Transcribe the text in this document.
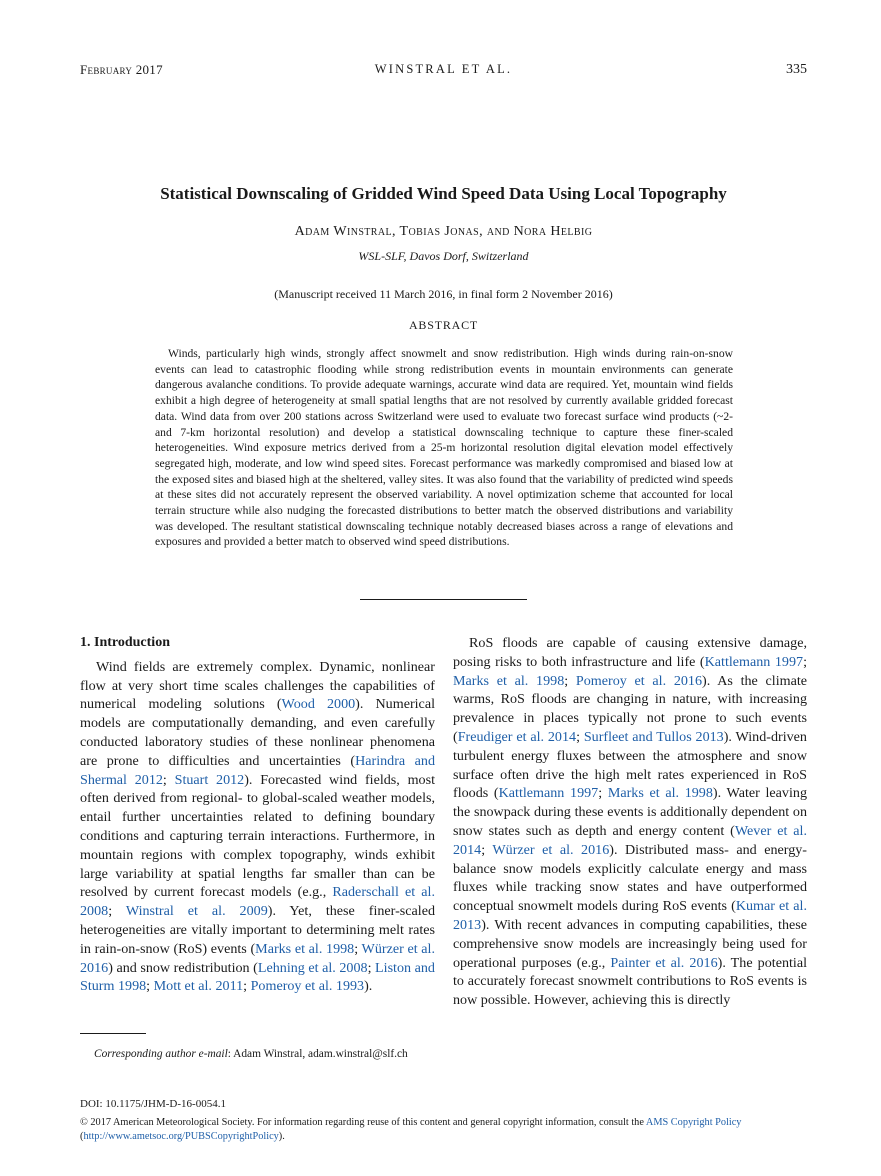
February 2017	WINSTRAL ET AL.	335
Statistical Downscaling of Gridded Wind Speed Data Using Local Topography
Adam Winstral, Tobias Jonas, and Nora Helbig
WSL-SLF, Davos Dorf, Switzerland
(Manuscript received 11 March 2016, in final form 2 November 2016)
ABSTRACT

Winds, particularly high winds, strongly affect snowmelt and snow redistribution. High winds during rain-on-snow events can lead to catastrophic flooding while strong redistribution events in mountain environments can generate dangerous avalanche conditions. To provide adequate warnings, accurate wind data are required. Yet, mountain wind fields exhibit a high degree of heterogeneity at small spatial lengths that are not resolved by currently available gridded forecast data. Wind data from over 200 stations across Switzerland were used to evaluate two forecast surface wind products (~2- and 7-km horizontal resolution) and develop a statistical downscaling technique to capture these finer-scaled heterogeneities. Wind exposure metrics derived from a 25-m horizontal resolution digital elevation model effectively segregated high, moderate, and low wind speed sites. Forecast performance was markedly compromised and biased low at the exposed sites and biased high at the sheltered, valley sites. It was also found that the variability of predicted wind speeds at these sites did not accurately represent the observed variability. A novel optimization scheme that accounted for local terrain structure while also nudging the forecasted distributions to better match the observed distributions and variability was developed. The resultant statistical downscaling technique notably decreased biases across a range of elevations and exposures and provided a better match to observed wind speed distributions.

1. Introduction

Wind fields are extremely complex. Dynamic, nonlinear flow at very short time scales challenges the capabilities of numerical modeling solutions (Wood 2000). Numerical models are computationally demanding, and even carefully conducted laboratory studies of these nonlinear phenomena are prone to difficulties and uncertainties (Harindra and Shermal 2012; Stuart 2012). Forecasted wind fields, most often derived from regional- to global-scaled weather models, entail further uncertainties related to defining boundary conditions and capturing terrain interactions. Furthermore, in mountain regions with complex topography, winds exhibit large variability at spatial lengths far smaller than can be resolved by current forecast models (e.g., Raderschall et al. 2008; Winstral et al. 2009). Yet, these finer-scaled heterogeneities are vitally important to determining melt rates in rain-on-snow (RoS) events (Marks et al. 1998; Würzer et al. 2016) and snow redistribution (Lehning et al. 2008; Liston and Sturm 1998; Mott et al. 2011; Pomeroy et al. 1993).

RoS floods are capable of causing extensive damage, posing risks to both infrastructure and life (Kattlemann 1997; Marks et al. 1998; Pomeroy et al. 2016). As the climate warms, RoS floods are changing in nature, with increasing prevalence in places typically not prone to such events (Freudiger et al. 2014; Surfleet and Tullos 2013). Wind-driven turbulent energy fluxes between the atmosphere and snow surface often drive the high melt rates experienced in RoS floods (Kattlemann 1997; Marks et al. 1998). Water leaving the snowpack during these events is additionally dependent on snow states such as depth and energy content (Wever et al. 2014; Würzer et al. 2016). Distributed mass- and energy-balance snow models explicitly calculate energy and mass fluxes while tracking snow states and have outperformed conceptual snowmelt models during RoS events (Kumar et al. 2013). With recent advances in computing capabilities, these comprehensive snow models are increasingly being used for operational purposes (e.g., Painter et al. 2016). The potential to accurately forecast snowmelt contributions to RoS events is now possible. However, achieving this is directly

Corresponding author e-mail: Adam Winstral, adam.winstral@slf.ch

DOI: 10.1175/JHM-D-16-0054.1

© 2017 American Meteorological Society. For information regarding reuse of this content and general copyright information, consult the AMS Copyright Policy (http://www.ametsoc.org/PUBSCopyrightPolicy).
